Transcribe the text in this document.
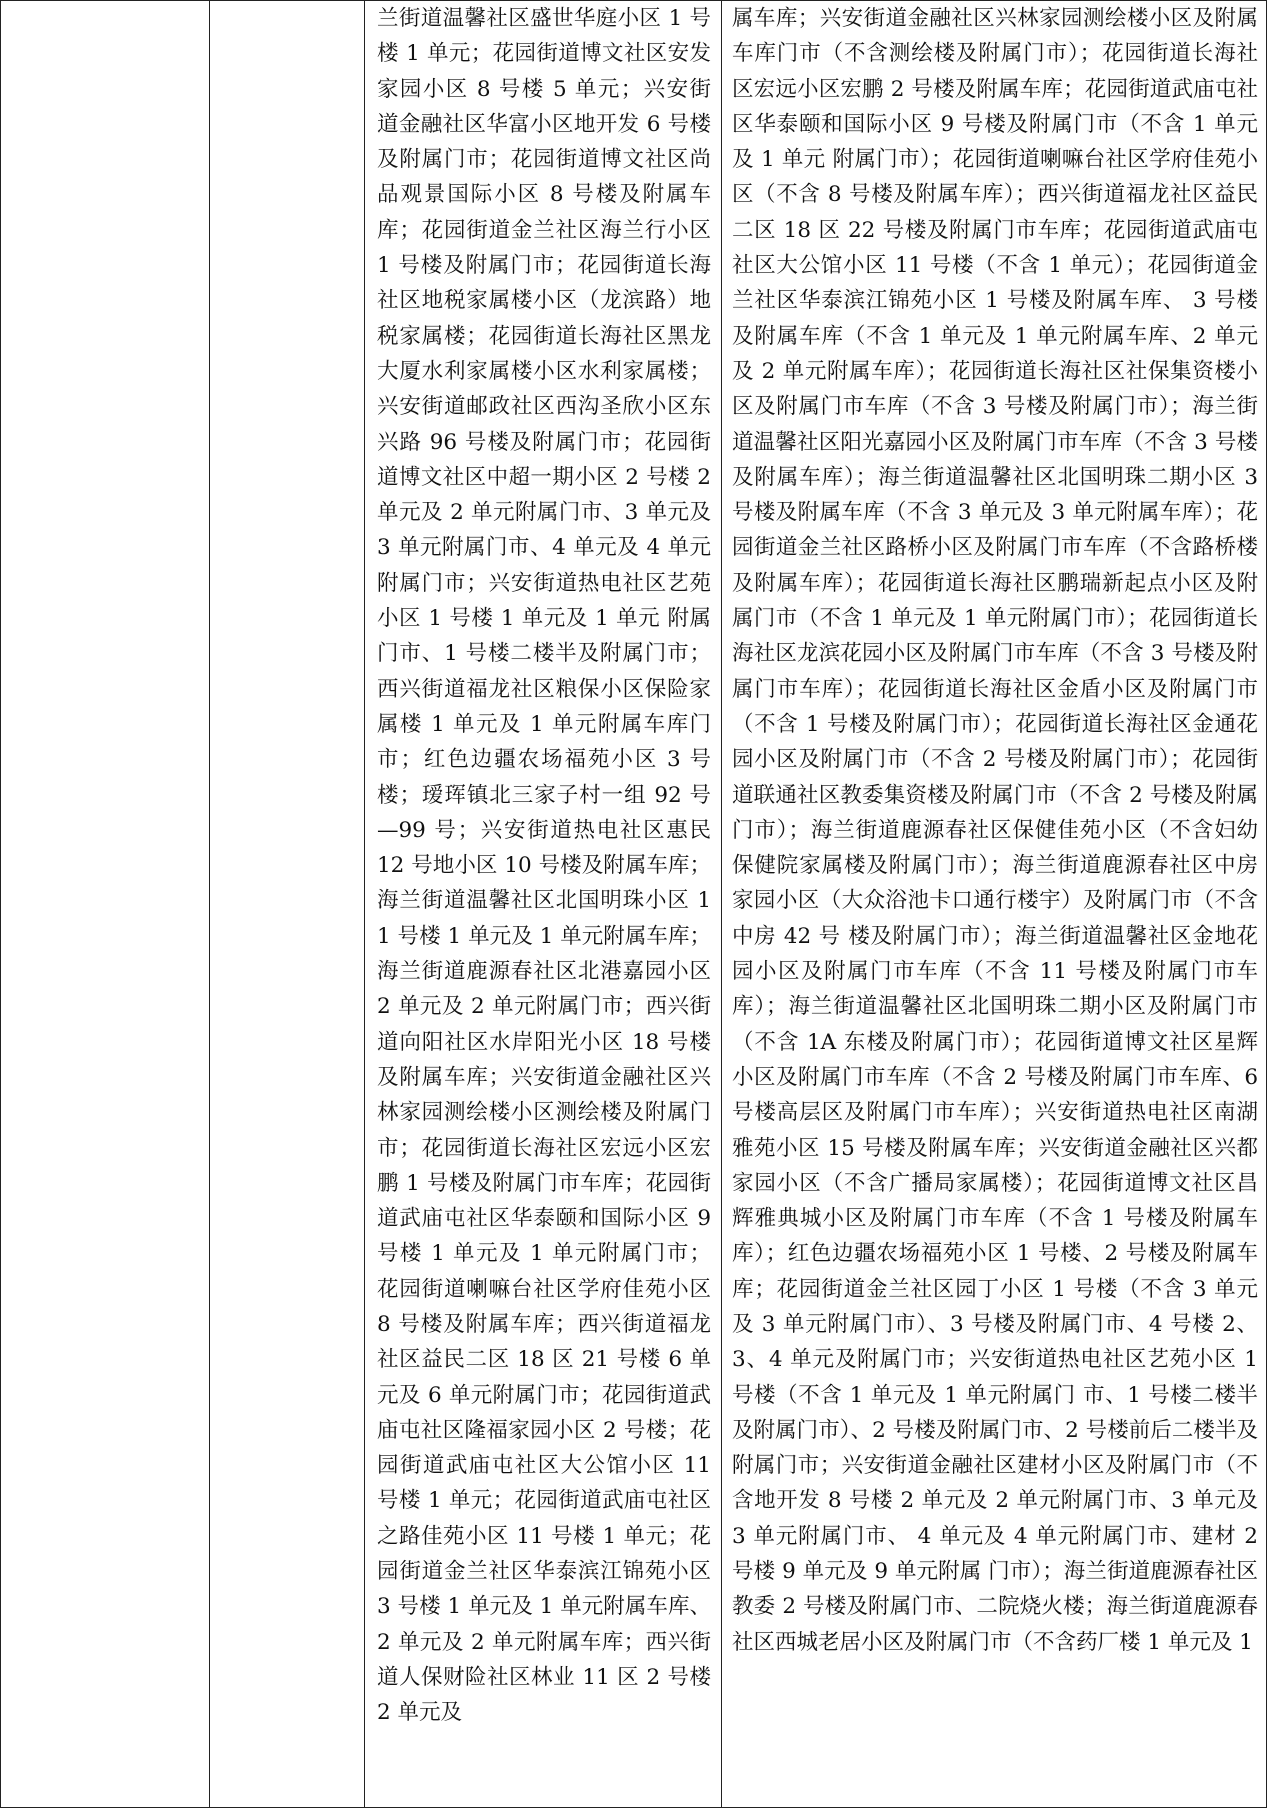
兰街道温馨社区盛世华庭小区 1 号楼 1 单元；花园街道博文社区安发家园小区 8 号楼 5 单元；兴安街道金融社区华富小区地开发 6 号楼及附属门市；花园街道博文社区尚品观景国际小区 8 号楼及附属车库；花园街道金兰社区海兰行小区 1 号楼及附属门市；花园街道长海社区地税家属楼小区（龙滨路）地税家属楼；花园街道长海社区黑龙大厦水利家属楼小区水利家属楼；兴安街道邮政社区西沟圣欣小区东兴路 96 号楼及附属门市；花园街道博文社区中超一期小区 2 号楼 2 单元及 2 单元附属门市、3 单元及 3 单元附属门市、4 单元及 4 单元附属门市；兴安街道热电社区艺苑小区 1 号楼 1 单元及 1 单元 附属门市、1 号楼二楼半及附属门市；西兴街道福龙社区粮保小区保险家属楼 1 单元及 1 单元附属车库门市；红色边疆农场福苑小区 3 号楼；瑷珲镇北三家子村一组 92 号—99 号；兴安街道热电社区惠民 12 号地小区 10 号楼及附属车库；海兰街道温馨社区北国明珠小区 11 号楼 1 单元及 1 单元附属车库；海兰街道鹿源春社区北港嘉园小区 2 单元及 2 单元附属门市；西兴街道向阳社区水岸阳光小区 18 号楼及附属车库；兴安街道金融社区兴林家园测绘楼小区测绘楼及附属门市；花园街道长海社区宏远小区宏鹏 1 号楼及附属门市车库；花园街道武庙屯社区华泰颐和国际小区 9 号楼 1 单元及 1 单元附属门市；花园街道喇嘛台社区学府佳苑小区 8 号楼及附属车库；西兴街道福龙社区益民二区 18 区 21 号楼 6 单元及 6 单元附属门市；花园街道武庙屯社区隆福家园小区 2 号楼；花园街道武庙屯社区大公馆小区 11 号楼 1 单元；花园街道武庙屯社区之路佳苑小区 11 号楼 1 单元；花园街道金兰社区华泰滨江锦苑小区 3 号楼 1 单元及 1 单元附属车库、2 单元及 2 单元附属车库；西兴街道人保财险社区林业 11 区 2 号楼 2 单元及

属车库；兴安街道金融社区兴林家园测绘楼小区及附属车库门市（不含测绘楼及附属门市）；花园街道长海社区宏远小区宏鹏 2 号楼及附属车库；花园街道武庙屯社区华泰颐和国际小区 9 号楼及附属门市（不含 1 单元及 1 单元 附属门市）；花园街道喇嘛台社区学府佳苑小区（不含 8 号楼及附属车库）；西兴街道福龙社区益民二区 18 区 22 号楼及附属门市车库；花园街道武庙屯社区大公馆小区 11 号楼（不含 1 单元）；花园街道金兰社区华泰滨江锦苑小区 1 号楼及附属车库、 3 号楼及附属车库（不含 1 单元及 1 单元附属车库、2 单元 及 2 单元附属车库）；花园街道长海社区社保集资楼小区及附属门市车库（不含 3 号楼及附属门市）；海兰街道温馨社区阳光嘉园小区及附属门市车库（不含 3 号楼及附属车库）；海兰街道温馨社区北国明珠二期小区 3 号楼及附属车库（不含 3 单元及 3 单元附属车库）；花园街道金兰社区路桥小区及附属门市车库（不含路桥楼及附属车库）；花园街道长海社区鹏瑞新起点小区及附属门市（不含 1 单元及 1 单元附属门市）；花园街道长海社区龙滨花园小区及附属门市车库（不含 3 号楼及附属门市车库）；花园街道长海社区金盾小区及附属门市（不含 1 号楼及附属门市）；花园街道长海社区金通花园小区及附属门市（不含 2 号楼及附属门市）；花园街道联通社区教委集资楼及附属门市（不含 2 号楼及附属门市）；海兰街道鹿源春社区保健佳苑小区（不含妇幼保健院家属楼及附属门市）；海兰街道鹿源春社区中房家园小区（大众浴池卡口通行楼宇）及附属门市（不含中房 42 号 楼及附属门市）；海兰街道温馨社区金地花园小区及附属门市车库（不含 11 号楼及附属门市车库）；海兰街道温馨社区北国明珠二期小区及附属门市（不含 1A 东楼及附属门市）；花园街道博文社区星辉小区及附属门市车库（不含 2 号楼及附属门市车库、6 号楼高层区及附属门市车库）；兴安街道热电社区南湖雅苑小区 15 号楼及附属车库；兴安街道金融社区兴都家园小区（不含广播局家属楼）；花园街道博文社区昌辉雅典城小区及附属门市车库（不含 1 号楼及附属车库）；红色边疆农场福苑小区 1 号楼、2 号楼及附属车库；花园街道金兰社区园丁小区 1 号楼（不含 3 单元及 3 单元附属门市）、3 号楼及附属门市、4 号楼 2、3、4 单元及附属门市；兴安街道热电社区艺苑小区 1 号楼（不含 1 单元及 1 单元附属门 市、1 号楼二楼半及附属门市）、2 号楼及附属门市、2 号楼前后二楼半及附属门市；兴安街道金融社区建材小区及附属门市（不含地开发 8 号楼 2 单元及 2 单元附属门市、3 单元及 3 单元附属门市、 4 单元及 4 单元附属门市、建材 2 号楼 9 单元及 9 单元附属 门市）；海兰街道鹿源春社区教委 2 号楼及附属门市、二院烧火楼；海兰街道鹿源春社区西城老居小区及附属门市（不含药厂楼 1 单元及 1
